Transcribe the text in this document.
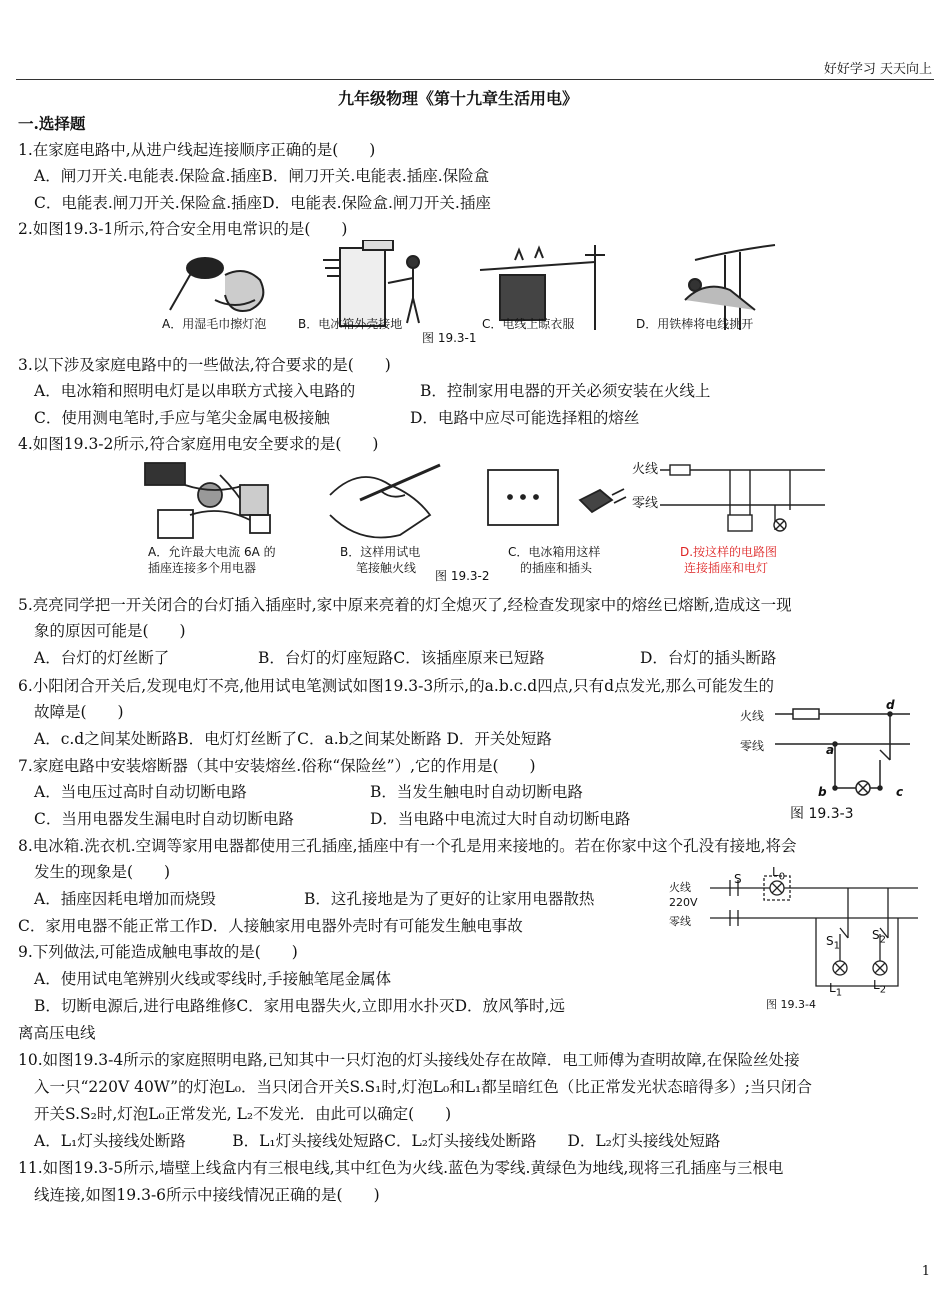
好好学习 天天向上
九年级物理《第十九章生活用电》
一.选择题
1.在家庭电路中,从进户线起连接顺序正确的是(　　)
A．闸刀开关.电能表.保险盒.插座B．闸刀开关.电能表.插座.保险盒
C．电能表.闸刀开关.保险盒.插座D．电能表.保险盒.闸刀开关.插座
2.如图19.3-1所示,符合安全用电常识的是(　　)
A．用湿毛巾擦灯泡	B．电冰箱外壳接地	C．电线上晾衣服	D．用铁棒将电线挑开
图 19.3-1
3.以下涉及家庭电路中的一些做法,符合要求的是(　　)
A．电冰箱和照明电灯是以串联方式接入电路的	B．控制家用电器的开关必须安装在火线上
C．使用测电笔时,手应与笔尖金属电极接触	D．电路中应尽可能选择粗的熔丝
4.如图19.3-2所示,符合家庭用电安全要求的是(　　)
火线
零线
A．允许最大电流 6A 的
插座连接多个用电器
B．这样用试电
笔接触火线
C．电冰箱用这样
的插座和插头
D.按这样的电路图
连接插座和电灯
图 19.3-2
5.亮亮同学把一开关闭合的台灯插入插座时,家中原来亮着的灯全熄灭了,经检查发现家中的熔丝已熔断,造成这一现
象的原因可能是(　　)
A．台灯的灯丝断了	B．台灯的灯座短路C．该插座原来已短路	D．台灯的插头断路
6.小阳闭合开关后,发现电灯不亮,他用试电笔测试如图19.3-3所示,的a.b.c.d四点,只有d点发光,那么可能发生的
故障是(　　)
A．c.d之间某处断路B．电灯灯丝断了C．a.b之间某处断路 D．开关处短路
火线
零线
d
a
b	c
图 19.3-3
7.家庭电路中安装熔断器（其中安装熔丝.俗称“保险丝”）,它的作用是(　　)
A．当电压过高时自动切断电路	B．当发生触电时自动切断电路
C．当用电器发生漏电时自动切断电路	D．当电路中电流过大时自动切断电路
8.电冰箱.洗衣机.空调等家用电器都使用三孔插座,插座中有一个孔是用来接地的。若在你家中这个孔没有接地,将会
发生的现象是(　　)
A．插座因耗电增加而烧毁	B．这孔接地是为了更好的让家用电器散热
C．家用电器不能正常工作D．人接触家用电器外壳时有可能发生触电事故
火线
220V
零线
S	$L_0$
$S_1$
$S_2$
$L_1$
$L_2$
图 19.3-4
9.下列做法,可能造成触电事故的是(　　)
A．使用试电笔辨别火线或零线时,手接触笔尾金属体
B．切断电源后,进行电路维修C．家用电器失火,立即用水扑灭D．放风筝时,远
离高压电线
10.如图19.3-4所示的家庭照明电路,已知其中一只灯泡的灯头接线处存在故障．电工师傅为查明故障,在保险丝处接
入一只“220V 40W”的灯泡L₀．当只闭合开关S.S₁时,灯泡L₀和L₁都呈暗红色（比正常发光状态暗得多）;当只闭合
开关S.S₂时,灯泡L₀正常发光, L₂不发光．由此可以确定(　　)
A．L₁灯头接线处断路　　　B．L₁灯头接线处短路C．L₂灯头接线处断路　　D．L₂灯头接线处短路
11.如图19.3-5所示,墙壁上线盒内有三根电线,其中红色为火线.蓝色为零线.黄绿色为地线,现将三孔插座与三根电
线连接,如图19.3-6所示中接线情况正确的是(　　)
1
